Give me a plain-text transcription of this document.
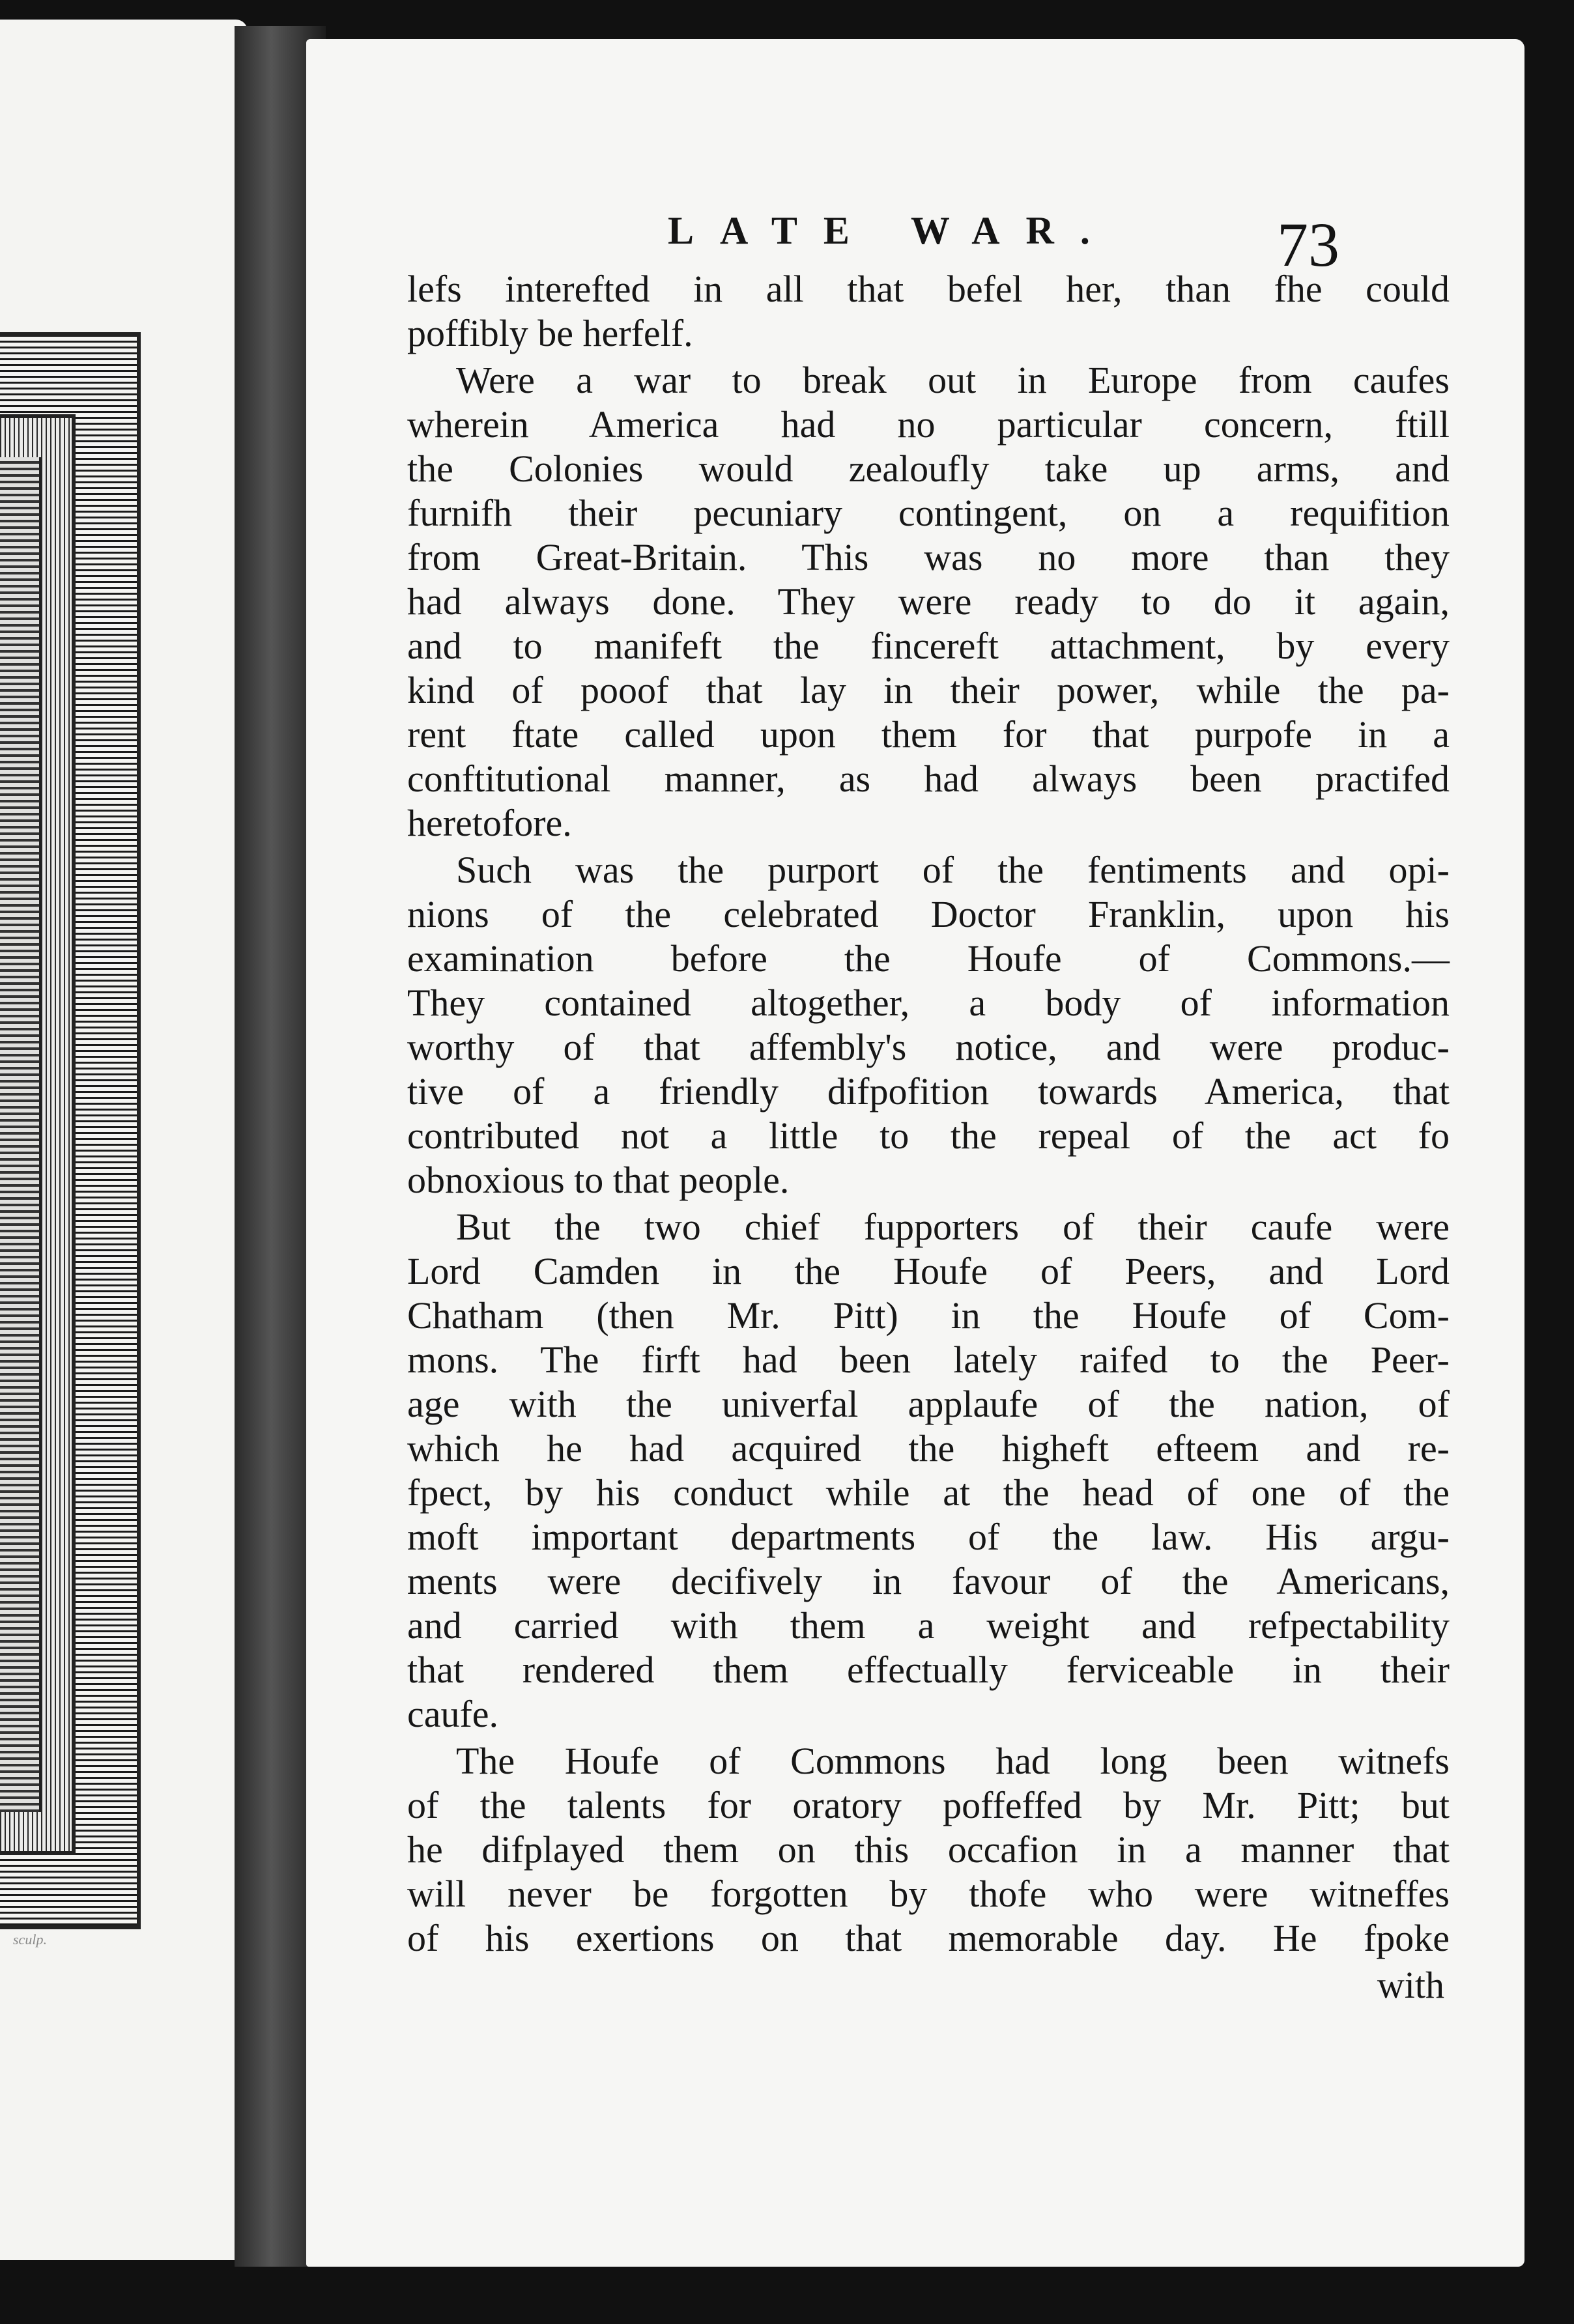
sculp.
LATE WAR.	73
lefs interefted in all that befel her, than fhe could
poffibly be herfelf.
Were a war to break out in Europe from caufes
wherein America had no particular concern, ftill
the Colonies would zealoufly take up arms, and
furnifh their pecuniary contingent, on a requifition
from Great-Britain. This was no more than they
had always done. They were ready to do it again,
and to manifeft the fincereft attachment, by every
kind of pooof that lay in their power, while the pa-
rent ftate called upon them for that purpofe in a
conftitutional manner, as had always been practifed
heretofore.
Such was the purport of the fentiments and opi-
nions of the celebrated Doctor Franklin, upon his
examination before the Houfe of Commons.—
They contained altogether, a body of information
worthy of that affembly's notice, and were produc-
tive of a friendly difpofition towards America, that
contributed not a little to the repeal of the act fo
obnoxious to that people.
But the two chief fupporters of their caufe were
Lord Camden in the Houfe of Peers, and Lord
Chatham (then Mr. Pitt) in the Houfe of Com-
mons. The firft had been lately raifed to the Peer-
age with the univerfal applaufe of the nation, of
which he had acquired the higheft efteem and re-
fpect, by his conduct while at the head of one of the
moft important departments of the law. His argu-
ments were decifively in favour of the Americans,
and carried with them a weight and refpectability
that rendered them effectually ferviceable in their
caufe.
The Houfe of Commons had long been witnefs
of the talents for oratory poffeffed by Mr. Pitt; but
he difplayed them on this occafion in a manner that
will never be forgotten by thofe who were witneffes
of his exertions on that memorable day. He fpoke
with
